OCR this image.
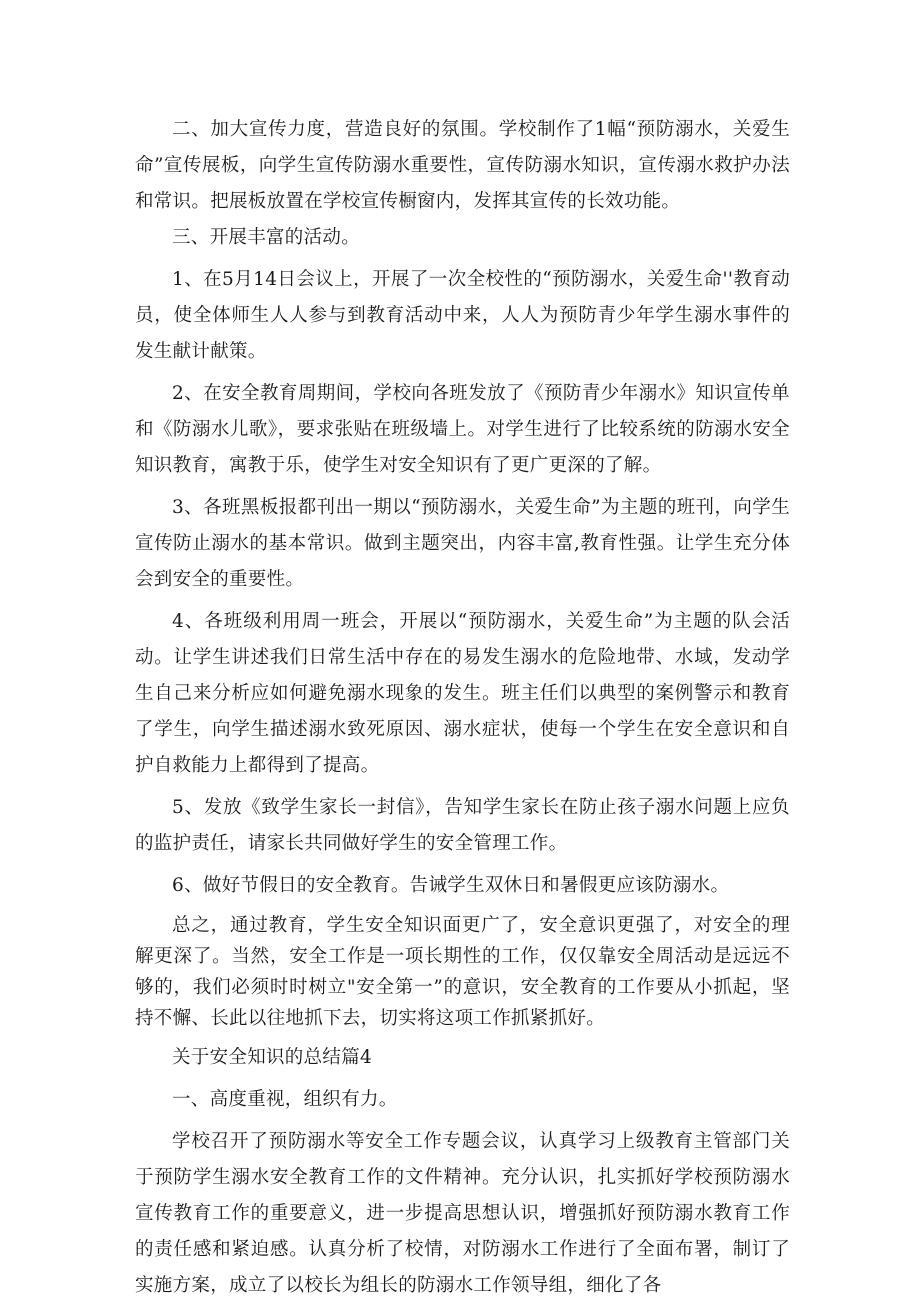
二、加大宣传力度，营造良好的氛围。学校制作了1幅“预防溺水，关爱生命”宣传展板，向学生宣传防溺水重要性，宣传防溺水知识，宣传溺水救护办法和常识。把展板放置在学校宣传橱窗内，发挥其宣传的长效功能。

三、开展丰富的活动。

1、在5月14日会议上，开展了一次全校性的“预防溺水，关爱生命''教育动员，使全体师生人人参与到教育活动中来，人人为预防青少年学生溺水事件的发生献计献策。

2、在安全教育周期间，学校向各班发放了《预防青少年溺水》知识宣传单和《防溺水儿歌》，要求张贴在班级墙上。对学生进行了比较系统的防溺水安全知识教育，寓教于乐，使学生对安全知识有了更广更深的了解。

3、各班黑板报都刊出一期以“预防溺水，关爱生命”为主题的班刊，向学生宣传防止溺水的基本常识。做到主题突出，内容丰富,教育性强。让学生充分体会到安全的重要性。

4、各班级利用周一班会，开展以“预防溺水，关爱生命”为主题的队会活动。让学生讲述我们日常生活中存在的易发生溺水的危险地带、水域，发动学生自己来分析应如何避免溺水现象的发生。班主任们以典型的案例警示和教育了学生，向学生描述溺水致死原因、溺水症状，使每一个学生在安全意识和自护自救能力上都得到了提高。

5、发放《致学生家长一封信》，告知学生家长在防止孩子溺水问题上应负的监护责任，请家长共同做好学生的安全管理工作。

6、做好节假日的安全教育。告诫学生双休日和暑假更应该防溺水。

总之，通过教育，学生安全知识面更广了，安全意识更强了，对安全的理解更深了。当然，安全工作是一项长期性的工作，仅仅靠安全周活动是远远不够的，我们必须时时树立"安全第一”的意识，安全教育的工作要从小抓起，坚持不懈、长此以往地抓下去，切实将这项工作抓紧抓好。

关于安全知识的总结篇4

一、高度重视，组织有力。

学校召开了预防溺水等安全工作专题会议，认真学习上级教育主管部门关于预防学生溺水安全教育工作的文件精神。充分认识，扎实抓好学校预防溺水宣传教育工作的重要意义，进一步提高思想认识，增强抓好预防溺水教育工作的责任感和紧迫感。认真分析了校情，对防溺水工作进行了全面布署，制订了实施方案，成立了以校长为组长的防溺水工作领导组，细化了各
